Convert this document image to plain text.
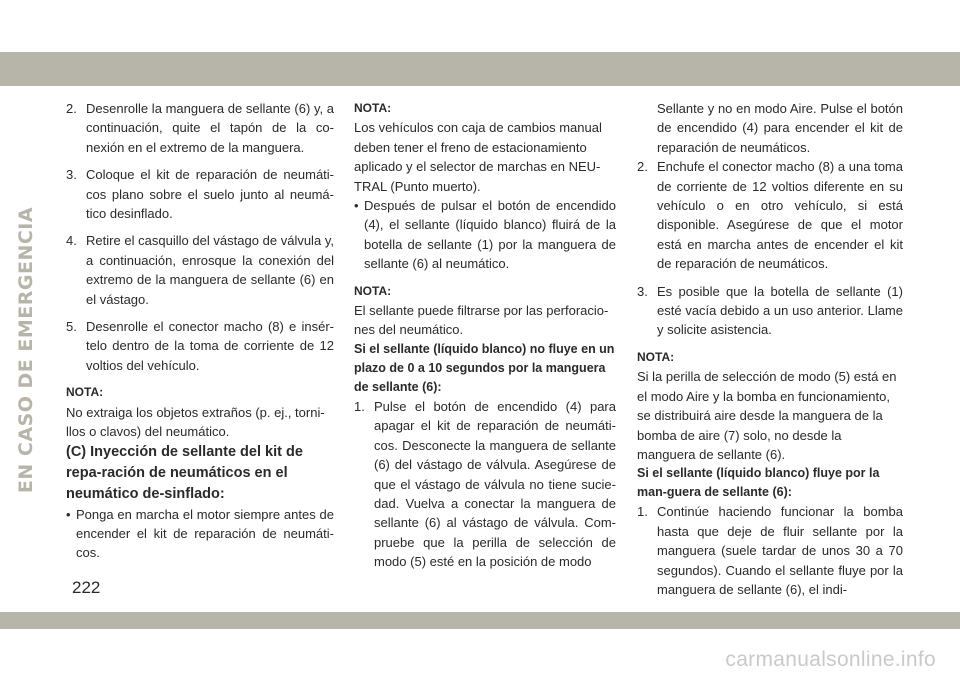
EN CASO DE EMERGENCIA
2. Desenrolle la manguera de sellante (6) y, a continuación, quite el tapón de la co-nexión en el extremo de la manguera.
3. Coloque el kit de reparación de neumáti-cos plano sobre el suelo junto al neumá-tico desinflado.
4. Retire el casquillo del vástago de válvula y, a continuación, enrosque la conexión del extremo de la manguera de sellante (6) en el vástago.
5. Desenrolle el conector macho (8) e insér-telo dentro de la toma de corriente de 12 voltios del vehículo.

NOTA:

No extraiga los objetos extraños (p. ej., torni-llos o clavos) del neumático.

(C) Inyección de sellante del kit de repa-ración de neumáticos en el neumático de-sinflado:

• Ponga en marcha el motor siempre antes de encender el kit de reparación de neumáti-cos.

NOTA:

Los vehículos con caja de cambios manual deben tener el freno de estacionamiento aplicado y el selector de marchas en NEU-TRAL (Punto muerto).

• Después de pulsar el botón de encendido (4), el sellante (líquido blanco) fluirá de la botella de sellante (1) por la manguera de sellante (6) al neumático.

NOTA:

El sellante puede filtrarse por las perforacio-nes del neumático.

Si el sellante (líquido blanco) no fluye en un plazo de 0 a 10 segundos por la manguera de sellante (6):

1. Pulse el botón de encendido (4) para apagar el kit de reparación de neumáti-cos. Desconecte la manguera de sellante (6) del vástago de válvula. Asegúrese de que el vástago de válvula no tiene sucie-dad. Vuelva a conectar la manguera de sellante (6) al vástago de válvula. Com-pruebe que la perilla de selección de modo (5) esté en la posición de modo

Sellante y no en modo Aire. Pulse el botón de encendido (4) para encender el kit de reparación de neumáticos.

2. Enchufe el conector macho (8) a una toma de corriente de 12 voltios diferente en su vehículo o en otro vehículo, si está disponible. Asegúrese de que el motor está en marcha antes de encender el kit de reparación de neumáticos.
3. Es posible que la botella de sellante (1) esté vacía debido a un uso anterior. Llame y solicite asistencia.

NOTA:

Si la perilla de selección de modo (5) está en el modo Aire y la bomba en funcionamiento, se distribuirá aire desde la manguera de la bomba de aire (7) solo, no desde la manguera de sellante (6).

Si el sellante (líquido blanco) fluye por la man-guera de sellante (6):

1. Continúe haciendo funcionar la bomba hasta que deje de fluir sellante por la manguera (suele tardar de unos 30 a 70 segundos). Cuando el sellante fluye por la manguera de sellante (6), el indi-
222
carmanualsonline.info
